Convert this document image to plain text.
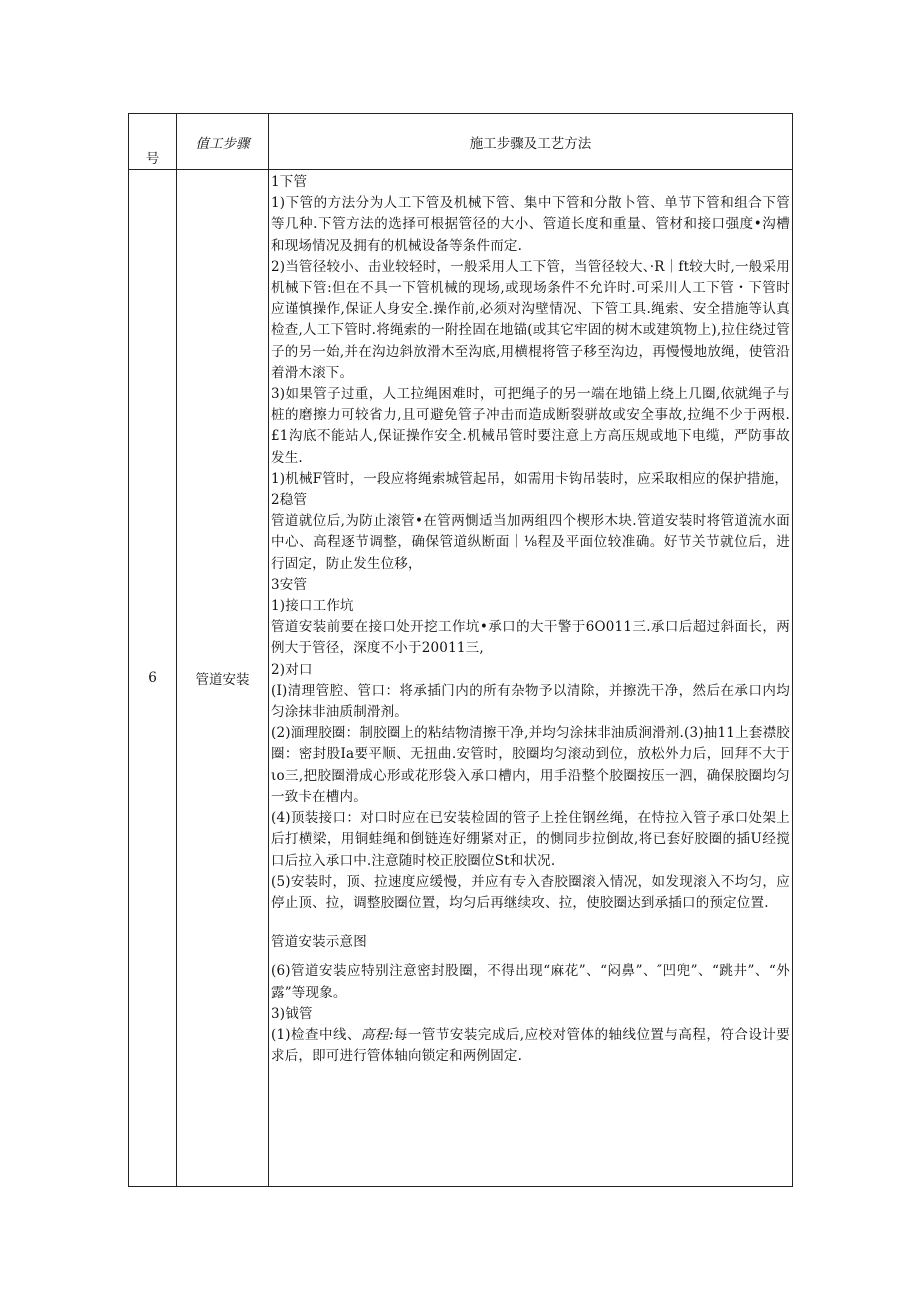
号	值工步骤	施工步骤及工艺方法
6	管道安装	
1下管
1)下管的方法分为人工下管及机械下管、集中下管和分散卜管、单节下管和组合下管等几种.下管方法的选择可根据管径的大小、管道长度和重量、管材和接口强度•沟槽和现场情况及拥有的机械设备等条件而定.
2)当管径较小、击业较轻时，一般采用人工下管，当管径较大、·R｜ft较大时,一般采用机械下管:但在不具一下管机械的现场,或现场条件不允许时.可采川人工下管・下管时应谨慎操作,保证人身安全.操作前,必须对沟壁情况、下管工具.绳索、安全措施等认真检查,人工下管时.将绳索的一附拴固在地锚(或其它牢固的树木或建筑物上),拉住绕过管子的另一始,并在沟边斜放滑木至沟底,用横棍将管子移至沟边，再慢慢地放绳，使管沿着滑木滚下。
3)如果管子过重，人工拉绳困难时，可把绳子的另一端在地锚上绕上几圈,依就绳子与桩的磨擦力可较省力,且可避免管子冲击而造成断裂骈故或安全事故,拉绳不少于两根.£1沟底不能站人,保证操作安全.机械吊管时要注意上方高压规或地下电缆，严防事故发生.
1)机械F管时，一段应将绳索城管起吊，如需用卡钩吊装时，应采取相应的保护措施，
2稳管
管道就位后,为防止滚管•在管两惻适当加两组四个楔形木块.管道安装时将管道流水面中心、高程逐节调整，确保管道纵断面｜⅛程及平面位较准确。好节关节就位后，进行固定，防止发生位移，
3安管
1)接口工作坑
管道安装前要在接口处开挖工作坑•承口的大干警于6O011三.承口后超过斜面长，两例大于管径，深度不小于20011三,
2)对口
(I)清理管腔、管口：将承插门内的所有杂物予以清除，并擦洗干净，然后在承口内均匀涂抹非油质制滑剂。
(2)湎理胶圈：制胶圈上的粘结物清擦干净,并均匀涂抹非油质涧滑剂.(3)抽11上套襟胶圈：密封股Ia要平顺、无扭曲.安管时，胶圈均匀滚动到位，放松外力后，回拜不大于ιo三,把胶圈滑成心形或花形袋入承口槽内，用手沿整个胶圈按压一泗，确保胶圈均匀一致卡在槽内。
(4)顶装接口：对口时应在已安装检固的管子上拴住钢丝绳，在恃拉入管子承口处架上后打横梁，用铜蛙绳和倒链连好绷紧对正，的惻同步拉倒故,将已套好胶圈的插U经搅口后拉入承口中.注意随时校正胶圈位St和状况.
(5)安装时，顶、拉速度应缓慢，并应有专入杳胶圈滚入情况，如发现滚入不均匀，应停止顶、拉，调整胶圈位置，均匀后再继续攻、拉，使胶圈达到承插口的预定位置.
管道安装示意图
(6)管道安装应特别注意密封股圈，不得出现“麻花”、“闷鼻”、″凹兜”、“跳井”、“外露”等现象。
3)钺管
(1)检查中线、高程:每一管节安装完成后,应校对管体的轴线位置与高程，符合设计要求后，即可进行管体轴向锁定和两例固定.
